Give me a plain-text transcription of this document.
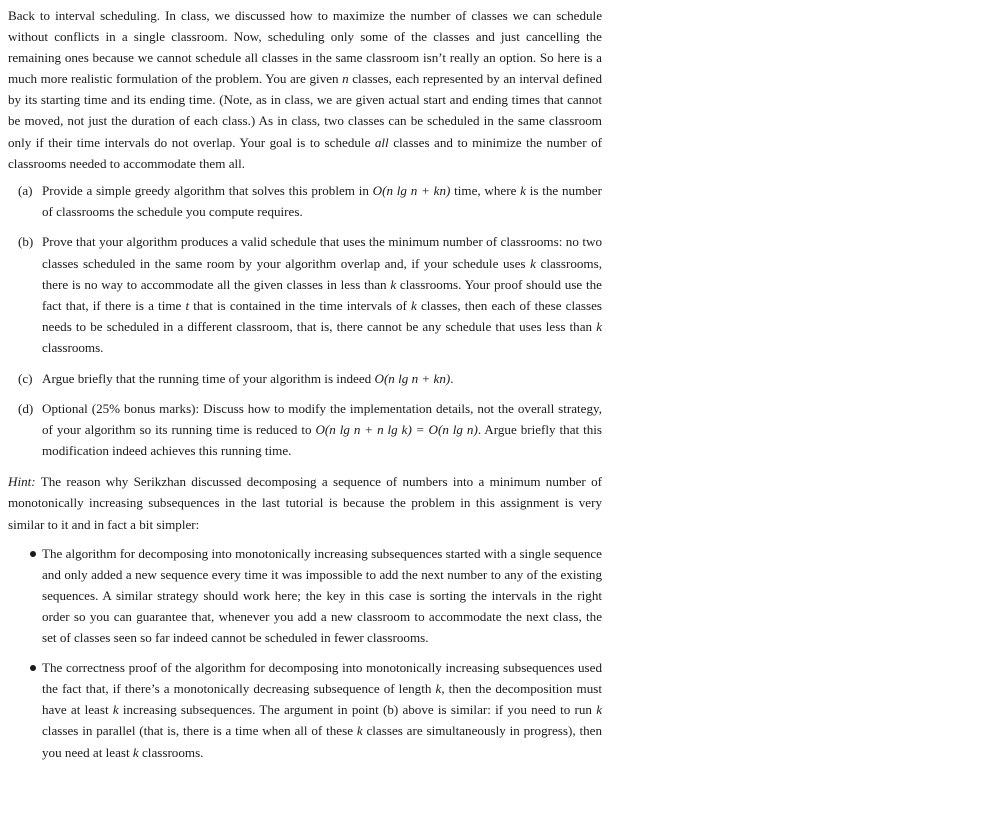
Back to interval scheduling. In class, we discussed how to maximize the number of classes we can schedule without conflicts in a single classroom. Now, scheduling only some of the classes and just cancelling the remaining ones because we cannot schedule all classes in the same classroom isn’t really an option. So here is a much more realistic formulation of the problem. You are given n classes, each represented by an interval defined by its starting time and its ending time. (Note, as in class, we are given actual start and ending times that cannot be moved, not just the duration of each class.) As in class, two classes can be scheduled in the same classroom only if their time intervals do not overlap. Your goal is to schedule all classes and to minimize the number of classrooms needed to accommodate them all.

(a) Provide a simple greedy algorithm that solves this problem in O(n lg n + kn) time, where k is the number of classrooms the schedule you compute requires.
(b) Prove that your algorithm produces a valid schedule that uses the minimum number of classrooms: no two classes scheduled in the same room by your algorithm overlap and, if your schedule uses k classrooms, there is no way to accommodate all the given classes in less than k classrooms. Your proof should use the fact that, if there is a time t that is contained in the time intervals of k classes, then each of these classes needs to be scheduled in a different classroom, that is, there cannot be any schedule that uses less than k classrooms.
(c) Argue briefly that the running time of your algorithm is indeed O(n lg n + kn).
(d) Optional (25% bonus marks): Discuss how to modify the implementation details, not the overall strategy, of your algorithm so its running time is reduced to O(n lg n + n lg k) = O(n lg n). Argue briefly that this modification indeed achieves this running time.

Hint: The reason why Serikzhan discussed decomposing a sequence of numbers into a minimum number of monotonically increasing subsequences in the last tutorial is because the problem in this assignment is very similar to it and in fact a bit simpler:

The algorithm for decomposing into monotonically increasing subsequences started with a single sequence and only added a new sequence every time it was impossible to add the next number to any of the existing sequences. A similar strategy should work here; the key in this case is sorting the intervals in the right order so you can guarantee that, whenever you add a new classroom to accommodate the next class, the set of classes seen so far indeed cannot be scheduled in fewer classrooms.
The correctness proof of the algorithm for decomposing into monotonically increasing subsequences used the fact that, if there’s a monotonically decreasing subsequence of length k, then the decomposition must have at least k increasing subsequences. The argument in point (b) above is similar: if you need to run k classes in parallel (that is, there is a time when all of these k classes are simultaneously in progress), then you need at least k classrooms.
